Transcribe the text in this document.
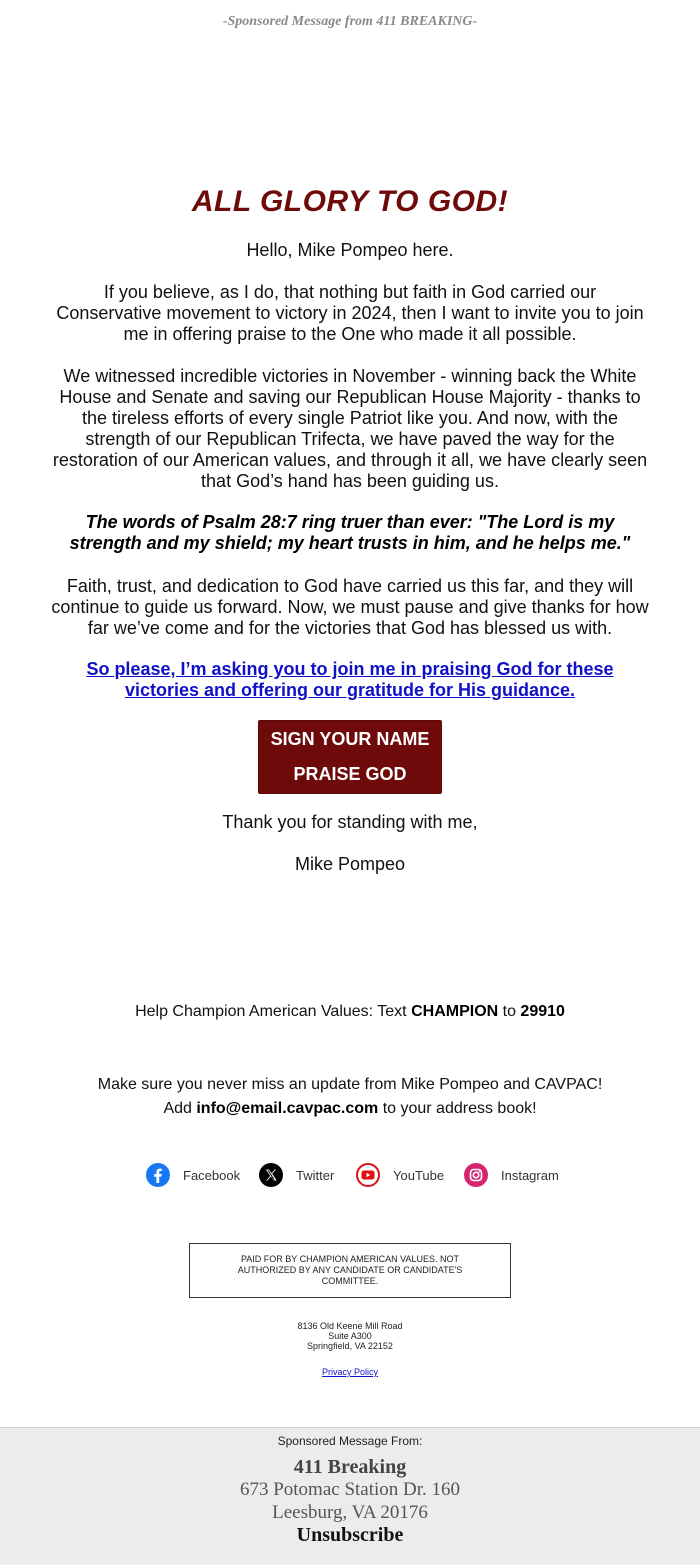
-Sponsored Message from 411 BREAKING-
ALL GLORY TO GOD!
Hello, Mike Pompeo here.
If you believe, as I do, that nothing but faith in God carried our Conservative movement to victory in 2024, then I want to invite you to join me in offering praise to the One who made it all possible.
We witnessed incredible victories in November - winning back the White House and Senate and saving our Republican House Majority - thanks to the tireless efforts of every single Patriot like you. And now, with the strength of our Republican Trifecta, we have paved the way for the restoration of our American values, and through it all, we have clearly seen that God’s hand has been guiding us.
The words of Psalm 28:7 ring truer than ever: "The Lord is my strength and my shield; my heart trusts in him, and he helps me."
Faith, trust, and dedication to God have carried us this far, and they will continue to guide us forward. Now, we must pause and give thanks for how far we’ve come and for the victories that God has blessed us with.
So please, I’m asking you to join me in praising God for these victories and offering our gratitude for His guidance.
SIGN YOUR NAME
PRAISE GOD
Thank you for standing with me,
Mike Pompeo
Help Champion American Values: Text CHAMPION to 29910
Make sure you never miss an update from Mike Pompeo and CAVPAC!
Add info@email.cavpac.com to your address book!
Facebook	Twitter	YouTube	Instagram
PAID FOR BY CHAMPION AMERICAN VALUES. NOT AUTHORIZED BY ANY CANDIDATE OR CANDIDATE'S COMMITTEE.
8136 Old Keene Mill Road
Suite A300
Springfield, VA 22152
Privacy Policy
Sponsored Message From:
411 Breaking
673 Potomac Station Dr. 160
Leesburg, VA 20176
Unsubscribe
